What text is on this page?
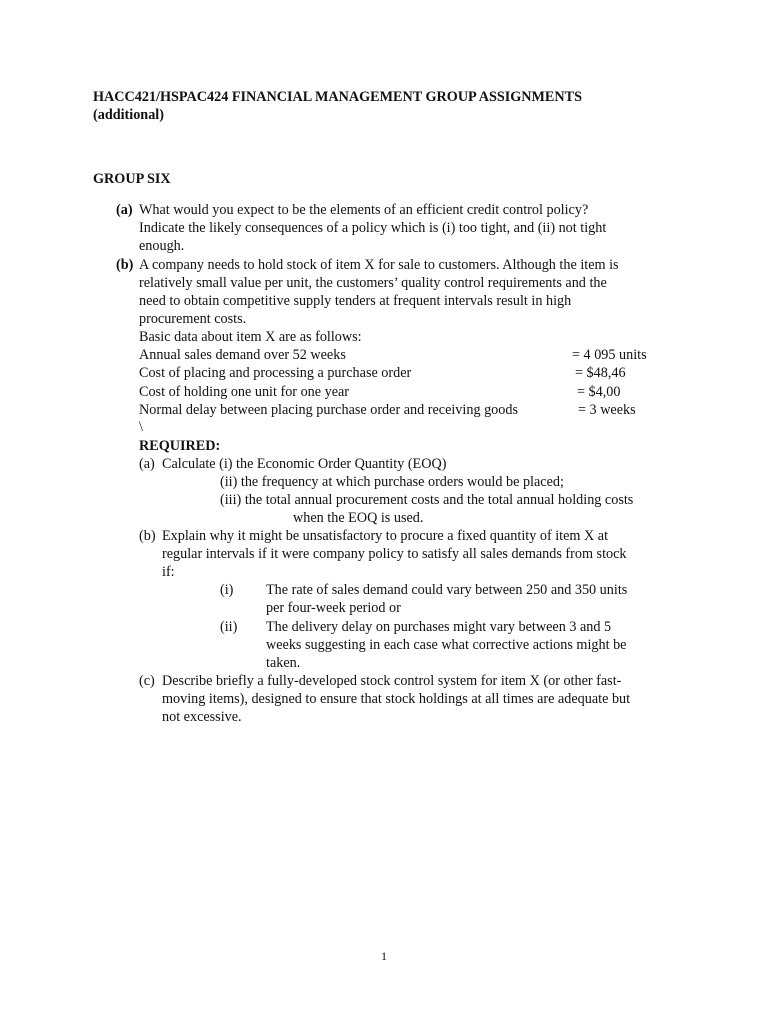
HACC421/HSPAC424 FINANCIAL MANAGEMENT GROUP ASSIGNMENTS
(additional)
GROUP SIX
(a) What would you expect to be the elements of an efficient credit control policy?
Indicate the likely consequences of a policy which is (i) too tight, and (ii) not tight
enough.
(b) A company needs to hold stock of item X for sale to customers. Although the item is
relatively small value per unit, the customers’ quality control requirements and the
need to obtain competitive supply tenders at frequent intervals result in high
procurement costs.
Basic data about item X are as follows:
Annual sales demand over 52 weeks	= 4 095 units
Cost of placing and processing a purchase order	= $48,46
Cost of holding one unit for one year	= $4,00
Normal delay between placing purchase order and receiving goods	= 3 weeks
\
REQUIRED:
(a) Calculate (i) the Economic Order Quantity (EOQ)
(ii) the frequency at which purchase orders would be placed;
(iii) the total annual procurement costs and the total annual holding costs
when the EOQ is used.
(b) Explain why it might be unsatisfactory to procure a fixed quantity of item X at
regular intervals if it were company policy to satisfy all sales demands from stock
if:
(i) The rate of sales demand could vary between 250 and 350 units
per four-week period or
(ii) The delivery delay on purchases might vary between 3 and 5
weeks suggesting in each case what corrective actions might be
taken.
(c) Describe briefly a fully-developed stock control system for item X (or other fast-
moving items), designed to ensure that stock holdings at all times are adequate but
not excessive.
1
